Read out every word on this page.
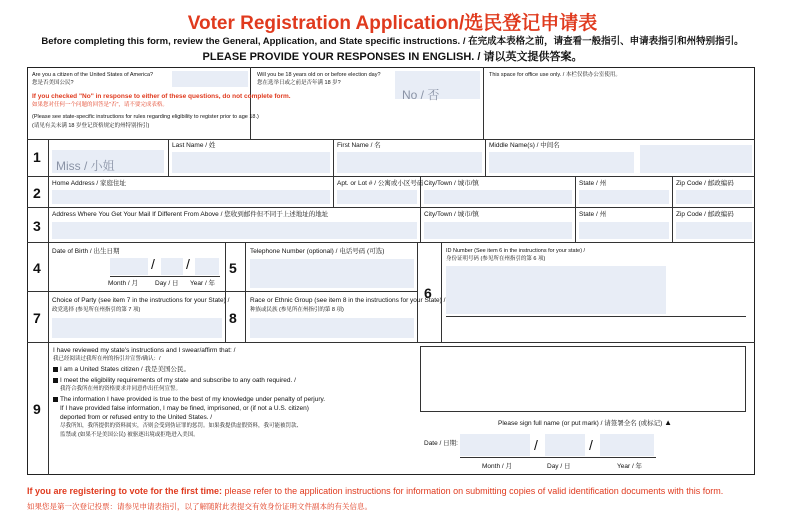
Voter Registration Application/选民登记申请表
Before completing this form, review the General, Application, and State specific instructions. / 在完成本表格之前，请查看一般指引、申请表指引和州特别指引。
PLEASE PROVIDE YOUR RESPONSES IN ENGLISH. / 请以英文提供答案。
Are you a citizen of the United States of America?
您是否美国公民?
Will you be 18 years old on or before election day?
您在选举日或之前是否年满 18 岁?
No / 否
If you checked "No" in response to either of these questions, do not complete form.
如果您对任何一个问题的回答是"否"，请不要完成表格。
(Please see state-specific instructions for rules regarding eligibility to register prior to age 18.)
(请见有关未满 18 岁登记资格规定的州特别指引)
This space for office use only. / 本栏仅供办公室使用。
1
Miss / 小姐
Last Name / 姓	First Name / 名	Middle Name(s) / 中间名
2
Home Address / 家庭住址	Apt. or Lot # / 公寓或小区号码 City/Town / 城市/镇	State / 州	Zip Code / 邮政编码
3
Address Where You Get Your Mail If Different From Above / 您收到邮件但不同于上述地址的地址	City/Town / 城市/镇	State / 州	Zip Code / 邮政编码
4
Date of Birth / 出生日期
/ /
Month / 月	Day / 日 Year / 年
5
Telephone Number (optional) / 电话号码 (可选)
6
ID Number (See item 6 in the instructions for your state) /
身份证明号码 (参见所在州指引的第 6 项)
7
Choice of Party (see item 7 in the instructions for your State) /
政党选择 (参见所在州指引的第 7 项)	8
Race or Ethnic Group (see item 8 in the instructions for your State) /
种族或民族 (参见所在州指引的第 8 项)
9
I have reviewed my state's instructions and I swear/affirm that: /
我已经阅读过我所在州的指引并宣誓/确认：/
I am a United States citizen / 我是美国公民。
I meet the eligibility requirements of my state and subscribe to any oath required. /
我符合我所在州的资格要求并同意作出任何宣誓。
The information I have provided is true to the best of my knowledge under penalty of perjury.
If I have provided false information, I may be fined, imprisoned, or (if not a U.S. citizen)
deported from or refused entry to the United States. /
尽我所知，我所提供的资料属实，否则会受到伪证罪的惩罚。如果我提供虚假资料，我可能被罚款、
监禁或 (如果不是美国公民) 被驱逐出境或拒绝进入美国。
Please sign full name (or put mark) / 请签署全名 (或标记) ▲
Date / 日期:	/	/
Month / 月	Day / 日	Year / 年
If you are registering to vote for the first time: please refer to the application instructions for information on submitting copies of valid identification documents with this form.
如果您是第一次登记投票：请参见申请表指引，以了解随附此表提交有效身份证明文件副本的有关信息。
